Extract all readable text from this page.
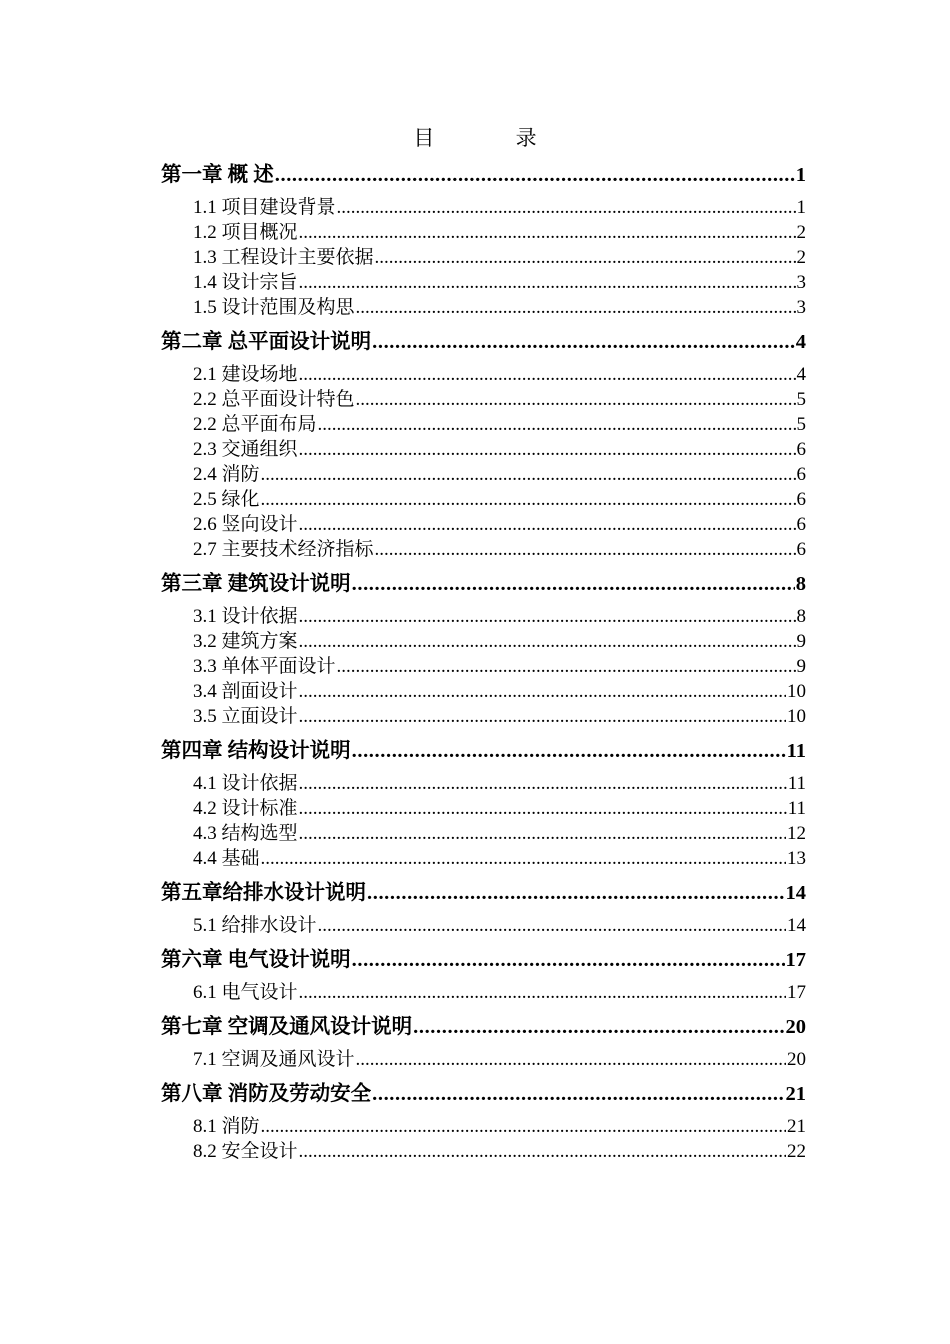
目 录
第一章 概 述 .....	1
1.1 项目建设背景 .....	1
1.2 项目概况 .....	2
1.3 工程设计主要依据 .....	2
1.4 设计宗旨 .....	3
1.5 设计范围及构思 .....	3
第二章 总平面设计说明 .....	4
2.1 建设场地 .....	4
2.2 总平面设计特色 .....	5
2.2 总平面布局 .....	5
2.3 交通组织 .....	6
2.4 消防 .....	6
2.5 绿化 .....	6
2.6 竖向设计 .....	6
2.7 主要技术经济指标 .....	6
第三章 建筑设计说明 .....	8
3.1 设计依据 .....	8
3.2 建筑方案 .....	9
3.3 单体平面设计 .....	9
3.4 剖面设计 .....	10
3.5 立面设计 .....	10
第四章 结构设计说明 .....	11
4.1 设计依据 .....	11
4.2 设计标准 .....	11
4.3 结构选型 .....	12
4.4 基础 .....	13
第五章给排水设计说明 .....	14
5.1 给排水设计 .....	14
第六章 电气设计说明 .....	17
6.1 电气设计 .....	17
第七章 空调及通风设计说明 .....	20
7.1 空调及通风设计 .....	20
第八章 消防及劳动安全 .....	21
8.1 消防 .....	21
8.2 安全设计 .....	22
